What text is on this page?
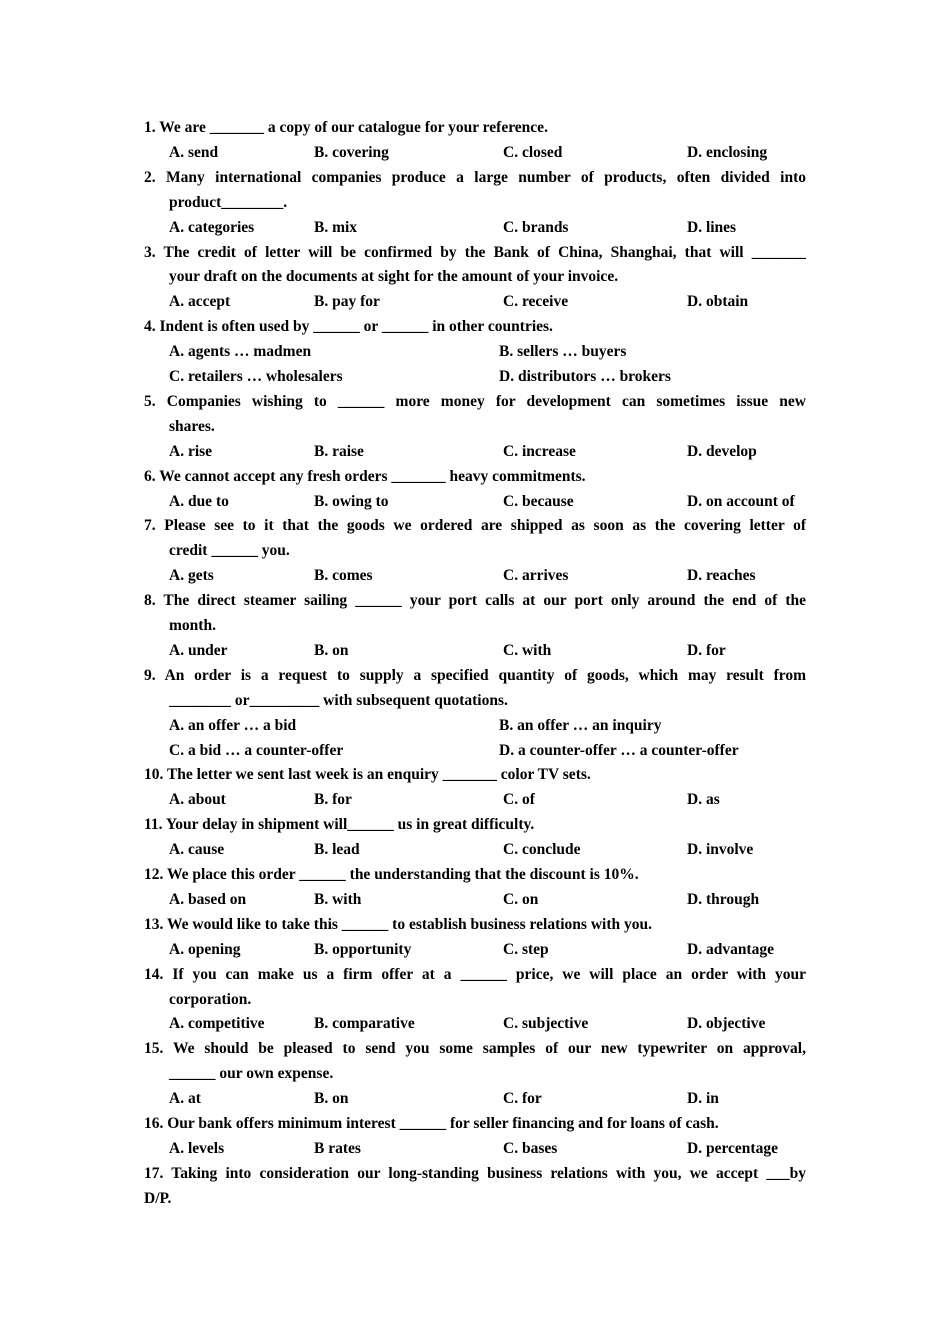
1. We are _______ a copy of our catalogue for your reference.
A. send	B. covering	C. closed	D. enclosing
2. Many international companies produce a large number of products, often divided into
product________.
A. categories	B. mix	C. brands	D. lines
3. The credit of letter will be confirmed by the Bank of China, Shanghai, that will _______
your draft on the documents at sight for the amount of your invoice.
A. accept	B. pay for	C. receive	D. obtain
4. Indent is often used by ______ or ______ in other countries.
A. agents … madmen	B. sellers … buyers
C. retailers … wholesalers	D. distributors … brokers
5. Companies wishing to ______ more money for development can sometimes issue new
shares.
A. rise	B. raise	C. increase	D. develop
6. We cannot accept any fresh orders _______ heavy commitments.
A. due to	B. owing to	C. because	D. on account of
7. Please see to it that the goods we ordered are shipped as soon as the covering letter of
credit ______ you.
A. gets	B. comes	C. arrives	D. reaches
8. The direct steamer sailing ______ your port calls at our port only around the end of the
month.
A. under	B. on	C. with	D. for
9. An order is a request to supply a specified quantity of goods, which may result from
________ or_________ with subsequent quotations.
A. an offer … a bid	B. an offer … an inquiry
C. a bid … a counter-offer	D. a counter-offer … a counter-offer
10. The letter we sent last week is an enquiry _______ color TV sets.
A. about	B. for	C. of	D. as
11. Your delay in shipment will______ us in great difficulty.
A. cause	B. lead	C. conclude	D. involve
12. We place this order ______ the understanding that the discount is 10%.
A. based on	B. with	C. on	D. through
13. We would like to take this ______ to establish business relations with you.
A. opening	B. opportunity	C. step	D. advantage
14. If you can make us a firm offer at a ______ price, we will place an order with your
corporation.
A. competitive	B. comparative	C. subjective	D. objective
15. We should be pleased to send you some samples of our new typewriter on approval,
______ our own expense.
A. at	B. on	C. for	D. in
16. Our bank offers minimum interest ______ for seller financing and for loans of cash.
A. levels	B rates	C. bases	D. percentage
17. Taking into consideration our long-standing business relations with you, we accept ___by
D/P.
